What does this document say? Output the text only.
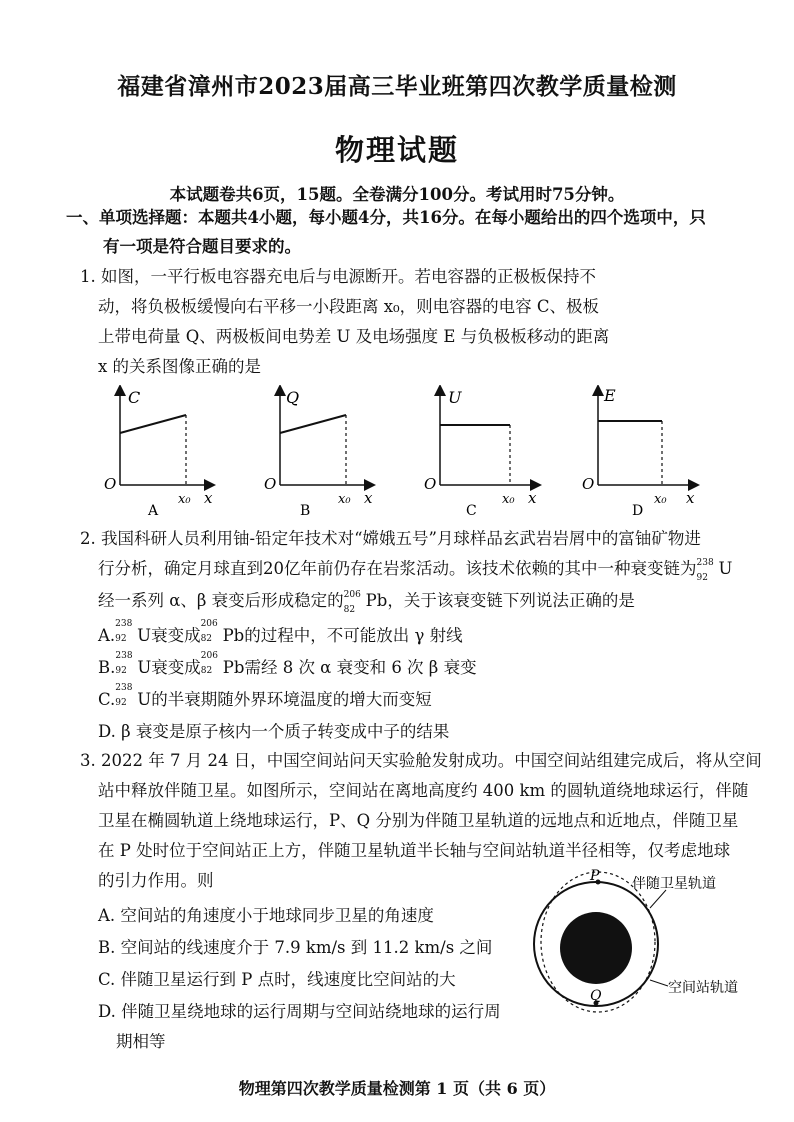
福建省漳州市2023届高三毕业班第四次教学质量检测
物理试题
本试题卷共6页，15题。全卷满分100分。考试用时75分钟。
一、单项选择题：本题共4小题，每小题4分，共16分。在每小题给出的四个选项中，只
有一项是符合题目要求的。
1. 如图，一平行板电容器充电后与电源断开。若电容器的正极板保持不
动，将负极板缓慢向右平移一小段距离 x₀，则电容器的电容 C、极板
上带电荷量 Q、两极板间电势差 U 及电场强度 E 与负极板移动的距离
x 的关系图像正确的是
C
O
x₀ x
A
Q
O
x₀ x
B
U
O
x₀ x
C
E
O
x₀ x
D
2. 我国科研人员利用铀-铅定年技术对“嫦娥五号”月球样品玄武岩岩屑中的富铀矿物进
行分析，确定月球直到20亿年前仍存在岩浆活动。该技术依赖的其中一种衰变链为 238
92 U
经一系列 α、β 衰变后形成稳定的 206
82 Pb，关于该衰变链下列说法正确的是
A.
238
92 U衰变成
206
82 Pb的过程中，不可能放出 γ 射线
B.
238
92 U衰变成
206
82 Pb需经 8 次 α 衰变和 6 次 β 衰变
C.
238
92 U的半衰期随外界环境温度的增大而变短
D. β 衰变是原子核内一个质子转变成中子的结果
3. 2022 年 7 月 24 日，中国空间站问天实验舱发射成功。中国空间站组建完成后，将从空间
站中释放伴随卫星。如图所示，空间站在离地高度约 400 km 的圆轨道绕地球运行，伴随
卫星在椭圆轨道上绕地球运行，P、Q 分别为伴随卫星轨道的远地点和近地点，伴随卫星
在 P 处时位于空间站正上方，伴随卫星轨道半长轴与空间站轨道半径相等，仅考虑地球
的引力作用。则
A. 空间站的角速度小于地球同步卫星的角速度
B. 空间站的线速度介于 7.9 km/s 到 11.2 km/s 之间
C. 伴随卫星运行到 P 点时，线速度比空间站的大
D. 伴随卫星绕地球的运行周期与空间站绕地球的运行周
期相等
P
Q
伴随卫星轨道
空间站轨道
物理第四次教学质量检测第 1 页（共 6 页）
